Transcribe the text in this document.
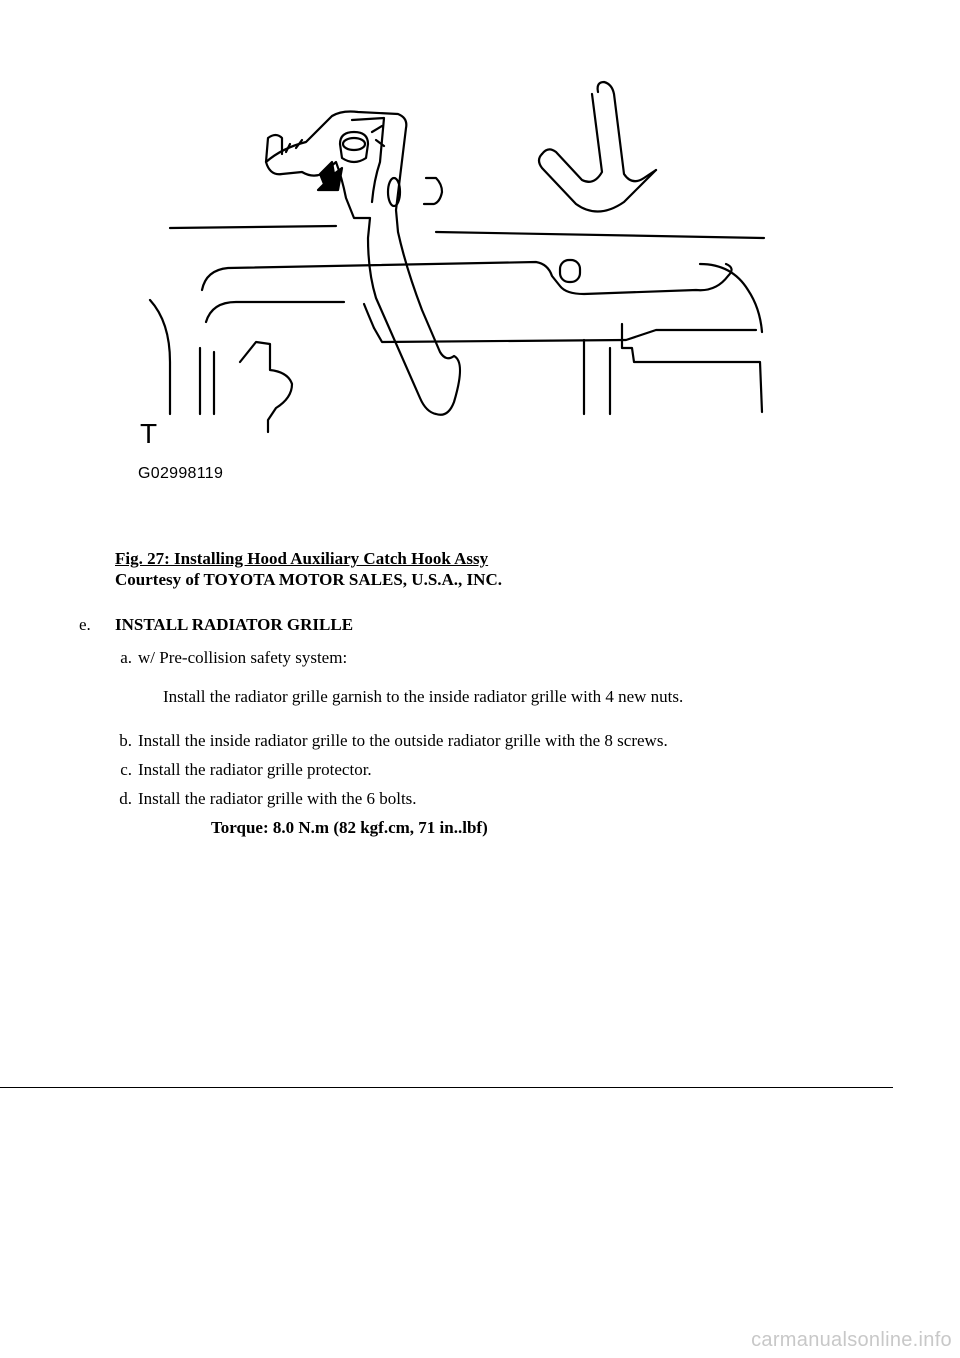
T
G02998119
Fig. 27: Installing Hood Auxiliary Catch Hook Assy
Courtesy of TOYOTA MOTOR SALES, U.S.A., INC.
e. INSTALL RADIATOR GRILLE
a. w/ Pre-collision safety system:
Install the radiator grille garnish to the inside radiator grille with 4 new nuts.
b. Install the inside radiator grille to the outside radiator grille with the 8 screws.
c. Install the radiator grille protector.
d. Install the radiator grille with the 6 bolts.
Torque: 8.0 N.m (82 kgf.cm, 71 in..lbf)
carmanualsonline.info
